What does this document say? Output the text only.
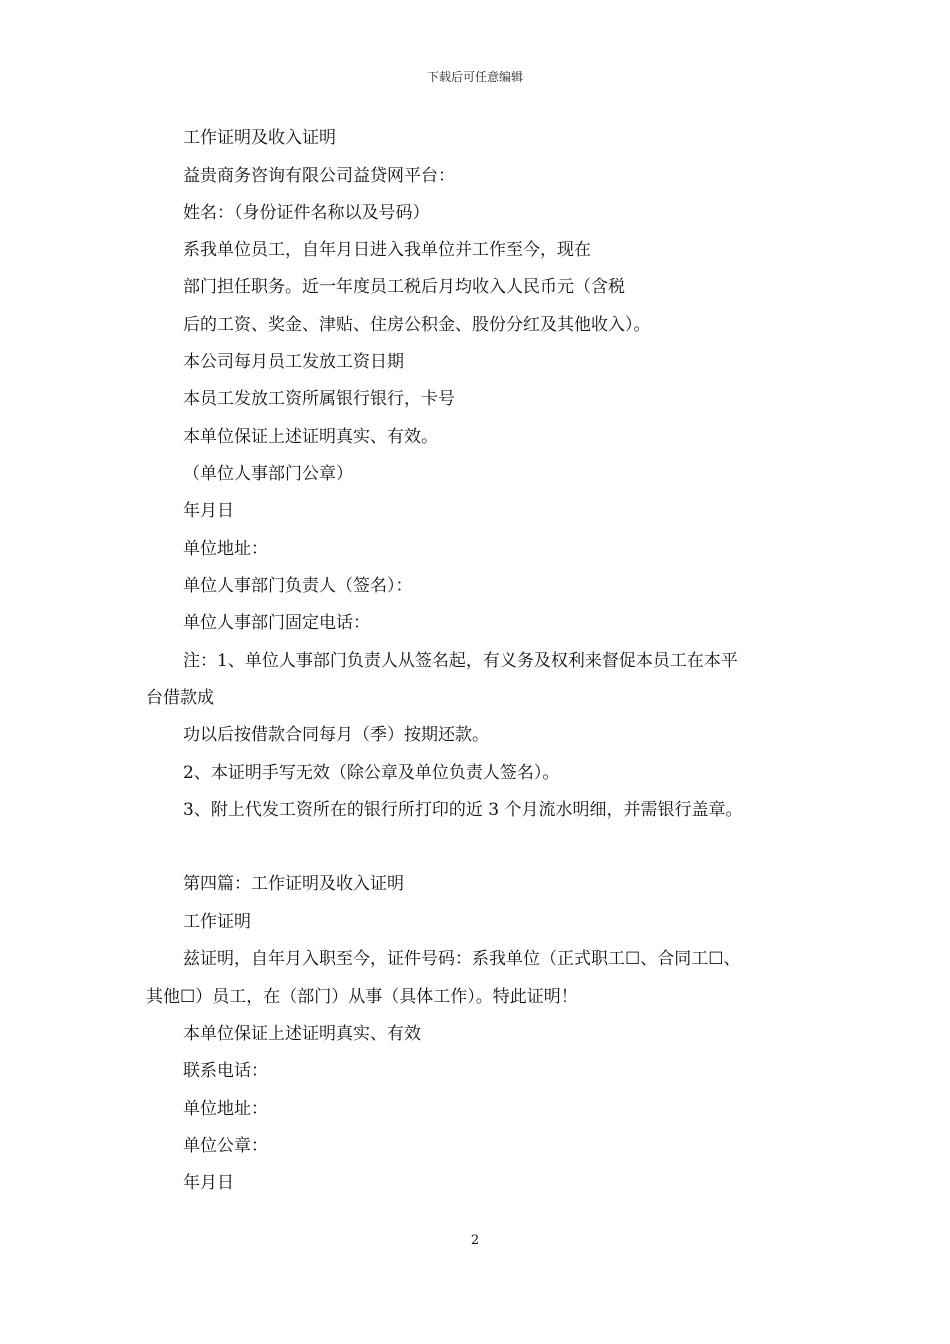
下载后可任意编辑
工作证明及收入证明
益贵商务咨询有限公司益贷网平台：
姓名：（身份证件名称以及号码）
系我单位员工，自年月日进入我单位并工作至今，现在
部门担任职务。近一年度员工税后月均收入人民币元（含税
后的工资、奖金、津贴、住房公积金、股份分红及其他收入）。
本公司每月员工发放工资日期
本员工发放工资所属银行银行，卡号
本单位保证上述证明真实、有效。
（单位人事部门公章）
年月日
单位地址：
单位人事部门负责人（签名）：
单位人事部门固定电话：
注：1、单位人事部门负责人从签名起，有义务及权利来督促本员工在本平
台借款成
功以后按借款合同每月（季）按期还款。
2、本证明手写无效（除公章及单位负责人签名）。
3、附上代发工资所在的银行所打印的近 3 个月流水明细，并需银行盖章。
第四篇：工作证明及收入证明
工作证明
兹证明，自年月入职至今，证件号码：系我单位（正式职工☐、合同工☐、
其他☐）员工，在（部门）从事（具体工作）。特此证明！
本单位保证上述证明真实、有效
联系电话：
单位地址：
单位公章：
年月日
2
